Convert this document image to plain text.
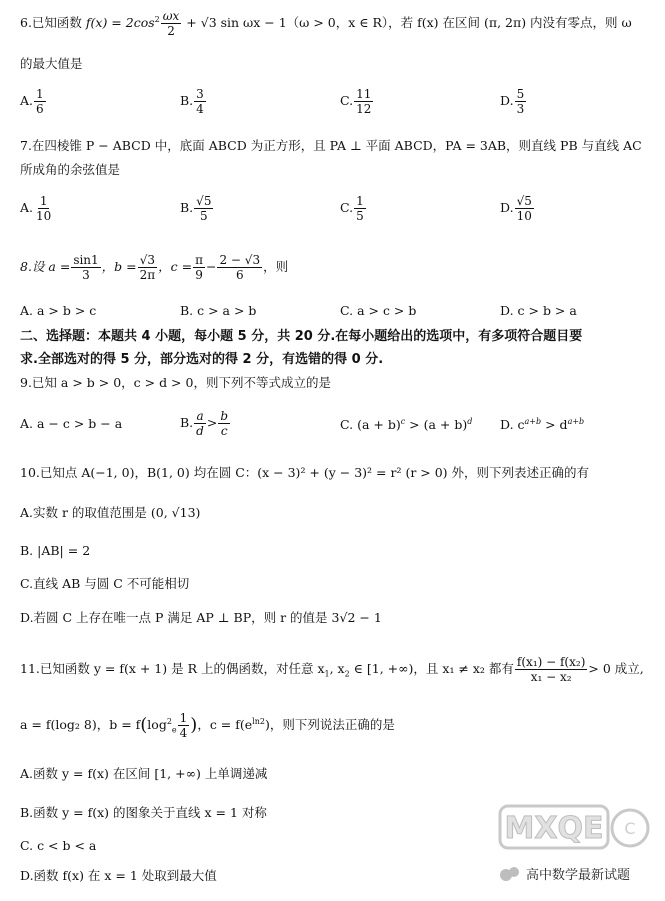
6.已知函数 $f(x) = 2\cos^2 \frac{\omega x}{2} + √3$ sin ωx − 1（ω > 0，x ∈ R），若 f(x) 在区间 (π, 2π) 内没有零点，则 ω
的最大值是
A. $\frac{1}{6}$	B. $\frac{3}{4}$	C. $\frac{11}{12}$	D. $\frac{5}{3}$
7.在四棱锥 P − ABCD 中，底面 ABCD 为正方形，且 PA ⊥ 平面 ABCD，PA = 3AB，则直线 PB 与直线 AC
所成角的余弦值是
A. $\frac{1}{10}$	B. $\frac{√5}{5}$	C. $\frac{1}{5}$	D. $\frac{√5}{10}$
8.设 $a = \frac{\sin 1}{3}$ ，$b = \frac{√3}{2\pi}$ ，$c = \frac{\pi}{9} - \frac{2 - √3}{6}$ ，则
A. a > b > c	B. c > a > b	C. a > c > b	D. c > b > a
二、选择题：本题共 4 小题，每小题 5 分，共 20 分.在每小题给出的选项中，有多项符合题目要
求.全部选对的得 5 分，部分选对的得 2 分，有选错的得 0 分.
9.已知 a > b > 0，c > d > 0，则下列不等式成立的是
A. a − c > b − a	B. $\frac{a}{d} > \frac{b}{c}$	C. $(a + b)^c > (a + b)^d$ D. $c^{a+b} > d^{a+b}$
10.已知点 A(−1, 0)，B(1, 0) 均在圆 C：(x − 3)² + (y − 3)² = r² (r > 0) 外，则下列表述正确的有
A.实数 r 的取值范围是 (0, √13)
B. |AB| = 2
C.直线 AB 与圆 C 不可能相切
D.若圆 C 上存在唯一点 P 满足 AP ⊥ BP，则 r 的值是 3√2 − 1
11.已知函数 y = f(x + 1) 是 R 上的偶函数，对任意 $x_1$, $x_2$ ∈ [1, +∞)，且 x₁ ≠ x₂ 都有 $\frac{\text{f(x₁) − f(x₂)}}{\text{x₁ − x₂}} > 0$ 成立,
a = f(log₂ 8)，$b = f(\log^2_e \frac{1}{4}$ )，$c = f(e^{ln2})$，则下列说法正确的是
A.函数 y = f(x) 在区间 [1, +∞) 上单调递减
B.函数 y = f(x) 的图象关于直线 x = 1 对称
C. c < b < a
D.函数 f(x) 在 x = 1 处取到最大值
MXQE C
高中数学最新试题
